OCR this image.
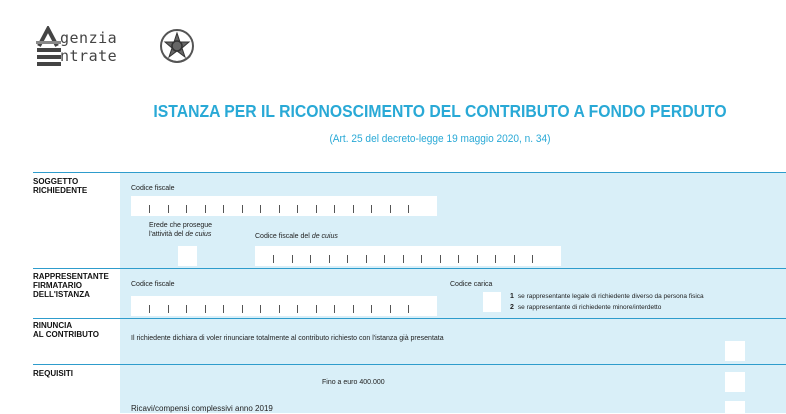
genzia
ntrate
ISTANZA PER IL RICONOSCIMENTO DEL CONTRIBUTO A FONDO PERDUTO
(Art. 25 del decreto-legge 19 maggio 2020, n. 34)
SOGGETTO
RICHIEDENTE	Codice fiscale
Erede che prosegue
l'attività del de cuius	Codice fiscale del de cuius
RAPPRESENTANTE
FIRMATARIO
DELL'ISTANZA
Codice fiscale	Codice carica
1 se rappresentante legale di richiedente diverso da persona fisica
2 se rappresentante di richiedente minore/interdetto
RINUNCIA
AL CONTRIBUTO	Il richiedente dichiara di voler rinunciare totalmente al contributo richiesto con l'istanza già presentata
REQUISITI
Fino a euro 400.000
Ricavi/compensi complessivi anno 2019
